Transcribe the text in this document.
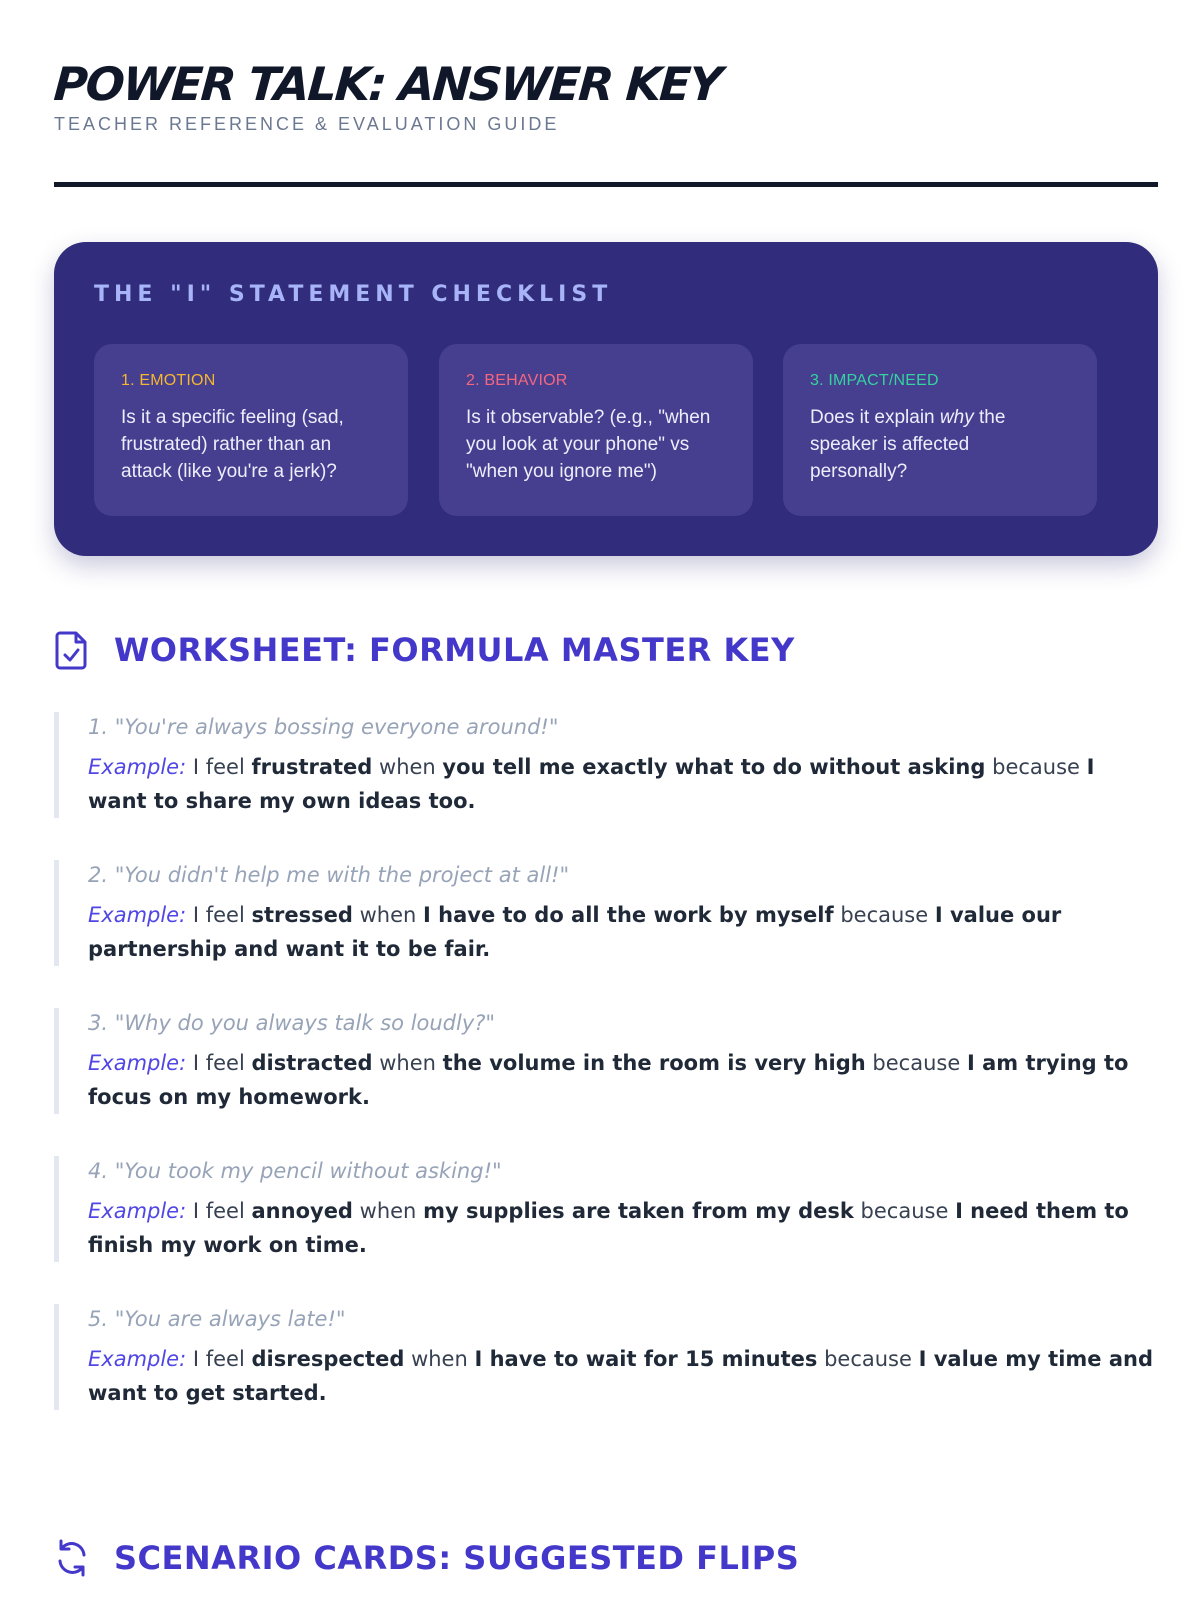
POWER TALK: ANSWER KEY
TEACHER REFERENCE & EVALUATION GUIDE
THE "I" STATEMENT CHECKLIST
1. EMOTION
Is it a specific feeling (sad, frustrated) rather than an attack (like you're a jerk)?
2. BEHAVIOR
Is it observable? (e.g., "when you look at your phone" vs "when you ignore me")
3. IMPACT/NEED
Does it explain why the speaker is affected personally?
WORKSHEET: FORMULA MASTER KEY
1. "You're always bossing everyone around!"
Example: I feel frustrated when you tell me exactly what to do without asking because I want to share my own ideas too.
2. "You didn't help me with the project at all!"
Example: I feel stressed when I have to do all the work by myself because I value our partnership and want it to be fair.
3. "Why do you always talk so loudly?"
Example: I feel distracted when the volume in the room is very high because I am trying to focus on my homework.
4. "You took my pencil without asking!"
Example: I feel annoyed when my supplies are taken from my desk because I need them to finish my work on time.
5. "You are always late!"
Example: I feel disrespected when I have to wait for 15 minutes because I value my time and want to get started.
SCENARIO CARDS: SUGGESTED FLIPS
